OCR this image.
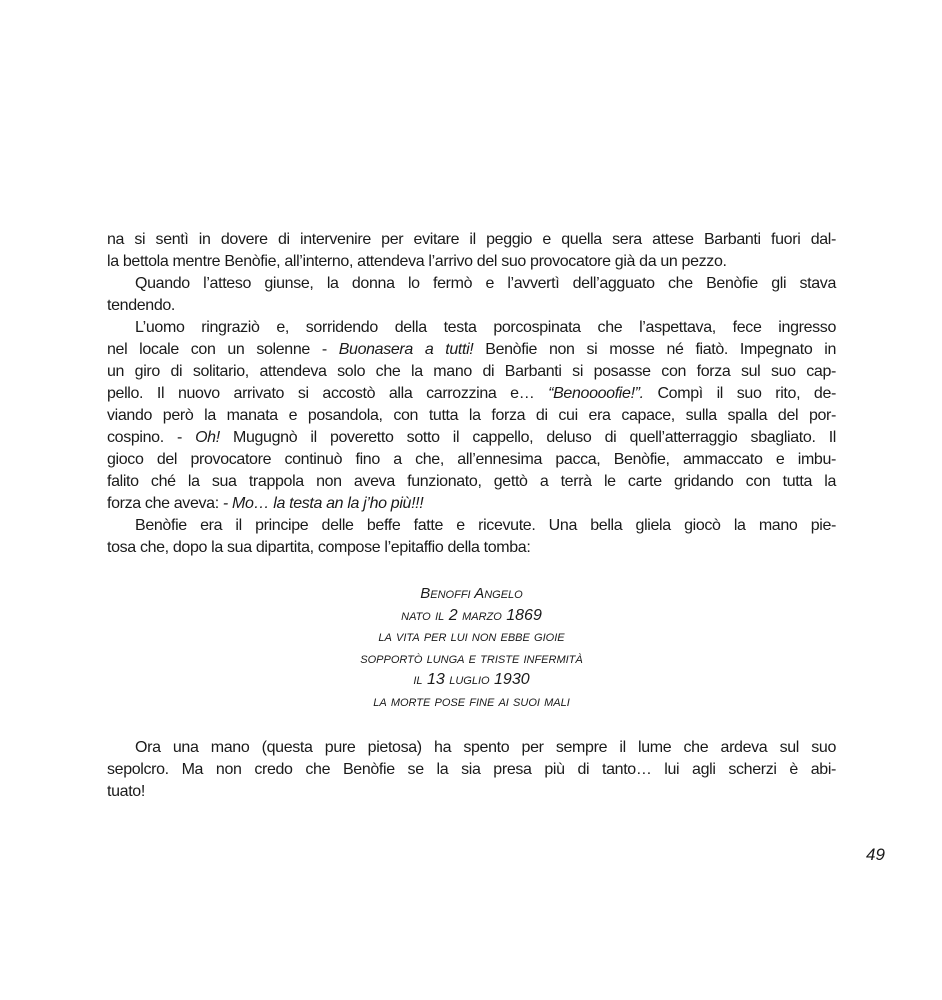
na si sentì in dovere di intervenire per evitare il peggio e quella sera attese Barbanti fuori dal-
la bettola mentre Benòfie, all’interno, attendeva l’arrivo del suo provocatore già da un pezzo.
Quando l’atteso giunse, la donna lo fermò e l’avvertì dell’agguato che Benòfie gli stava
tendendo.
L’uomo ringraziò e, sorridendo della testa porcospinata che l’aspettava, fece ingresso
nel locale con un solenne - Buonasera a tutti! Benòfie non si mosse né fiatò. Impegnato in
un giro di solitario, attendeva solo che la mano di Barbanti si posasse con forza sul suo cap-
pello. Il nuovo arrivato si accostò alla carrozzina e… “Benoooofie!”. Compì il suo rito, de-
viando però la manata e posandola, con tutta la forza di cui era capace, sulla spalla del por-
cospino. - Oh! Mugugnò il poveretto sotto il cappello, deluso di quell’atterraggio sbagliato. Il
gioco del provocatore continuò fino a che, all’ennesima pacca, Benòfie, ammaccato e imbu-
falito ché la sua trappola non aveva funzionato, gettò a terrà le carte gridando con tutta la
forza che aveva: - Mo… la testa an la j’ho più!!!
Benòfie era il principe delle beffe fatte e ricevute. Una bella gliela giocò la mano pie-
tosa che, dopo la sua dipartita, compose l’epitaffio della tomba:
Benoffi Angelo
nato il 2 marzo 1869
la vita per lui non ebbe gioie
sopportò lunga e triste infermità
il 13 luglio 1930
la morte pose fine ai suoi mali
Ora una mano (questa pure pietosa) ha spento per sempre il lume che ardeva sul suo
sepolcro. Ma non credo che Benòfie se la sia presa più di tanto… lui agli scherzi è abi-
tuato!
49
